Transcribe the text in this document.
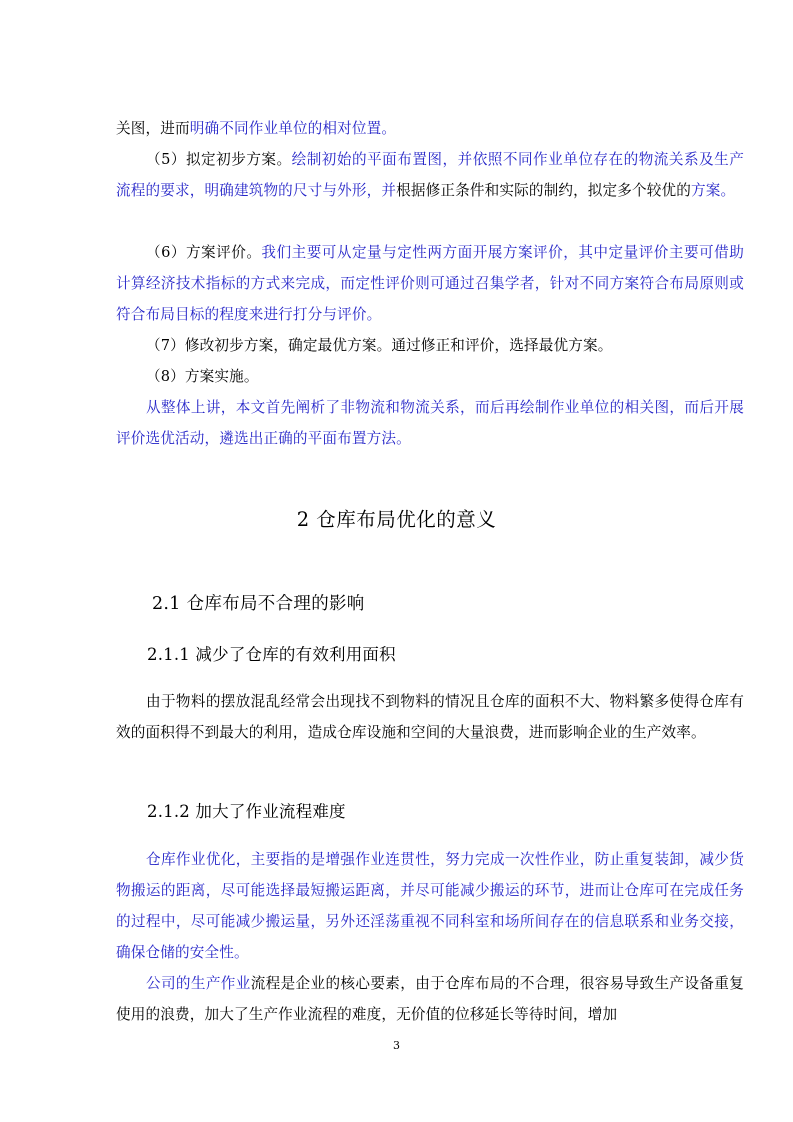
关图，进而明确不同作业单位的相对位置。

（5）拟定初步方案。绘制初始的平面布置图，并依照不同作业单位存在的物流关系及生产流程的要求，明确建筑物的尺寸与外形，并根据修正条件和实际的制约，拟定多个较优的方案。

（6）方案评价。我们主要可从定量与定性两方面开展方案评价，其中定量评价主要可借助计算经济技术指标的方式来完成，而定性评价则可通过召集学者，针对不同方案符合布局原则或符合布局目标的程度来进行打分与评价。

（7）修改初步方案，确定最优方案。通过修正和评价，选择最优方案。

（8）方案实施。

从整体上讲，本文首先阐析了非物流和物流关系，而后再绘制作业单位的相关图，而后开展评价选优活动，遴选出正确的平面布置方法。

2 仓库布局优化的意义
2.1 仓库布局不合理的影响
2.1.1 减少了仓库的有效利用面积

由于物料的摆放混乱经常会出现找不到物料的情况且仓库的面积不大、物料繁多使得仓库有效的面积得不到最大的利用，造成仓库设施和空间的大量浪费，进而影响企业的生产效率。

2.1.2 加大了作业流程难度

仓库作业优化，主要指的是增强作业连贯性，努力完成一次性作业，防止重复装卸，减少货物搬运的距离，尽可能选择最短搬运距离，并尽可能减少搬运的环节，进而让仓库可在完成任务的过程中，尽可能减少搬运量，另外还淫荡重视不同科室和场所间存在的信息联系和业务交接，确保仓储的安全性。

公司的生产作业流程是企业的核心要素，由于仓库布局的不合理，很容易导致生产设备重复使用的浪费，加大了生产作业流程的难度，无价值的位移延长等待时间，增加

3
